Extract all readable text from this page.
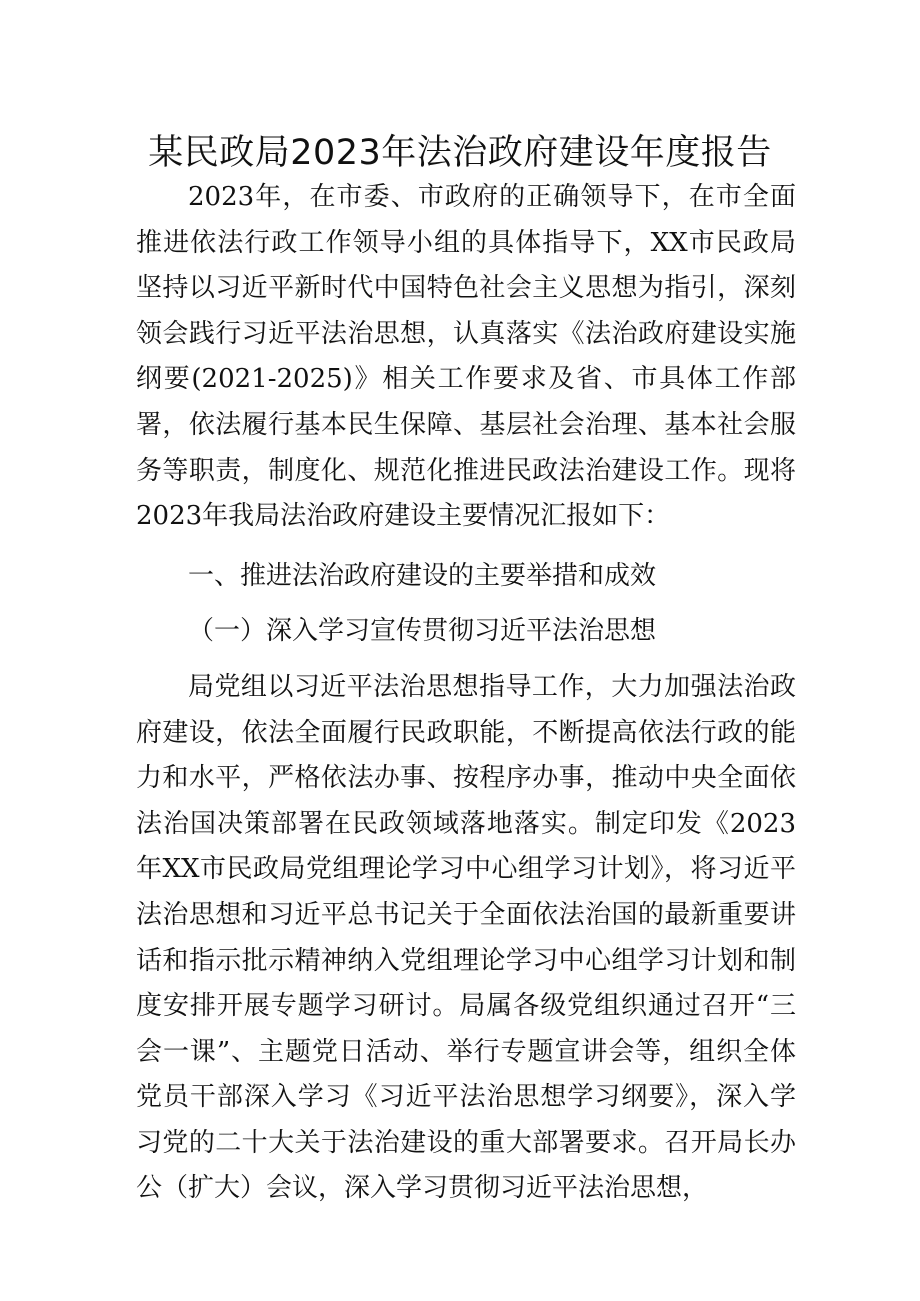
某民政局2023年法治政府建设年度报告

2023年，在市委、市政府的正确领导下，在市全面推进依法行政工作领导小组的具体指导下，XX市民政局坚持以习近平新时代中国特色社会主义思想为指引，深刻领会践行习近平法治思想，认真落实《法治政府建设实施纲要(2021-2025)》相关工作要求及省、市具体工作部署，依法履行基本民生保障、基层社会治理、基本社会服务等职责，制度化、规范化推进民政法治建设工作。现将2023年我局法治政府建设主要情况汇报如下：

一、推进法治政府建设的主要举措和成效

（一）深入学习宣传贯彻习近平法治思想

局党组以习近平法治思想指导工作，大力加强法治政府建设，依法全面履行民政职能，不断提高依法行政的能力和水平，严格依法办事、按程序办事，推动中央全面依法治国决策部署在民政领域落地落实。制定印发《2023年XX市民政局党组理论学习中心组学习计划》，将习近平法治思想和习近平总书记关于全面依法治国的最新重要讲话和指示批示精神纳入党组理论学习中心组学习计划和制度安排开展专题学习研讨。局属各级党组织通过召开“三会一课”、主题党日活动、举行专题宣讲会等，组织全体党员干部深入学习《习近平法治思想学习纲要》，深入学习党的二十大关于法治建设的重大部署要求。召开局长办公（扩大）会议，深入学习贯彻习近平法治思想，
